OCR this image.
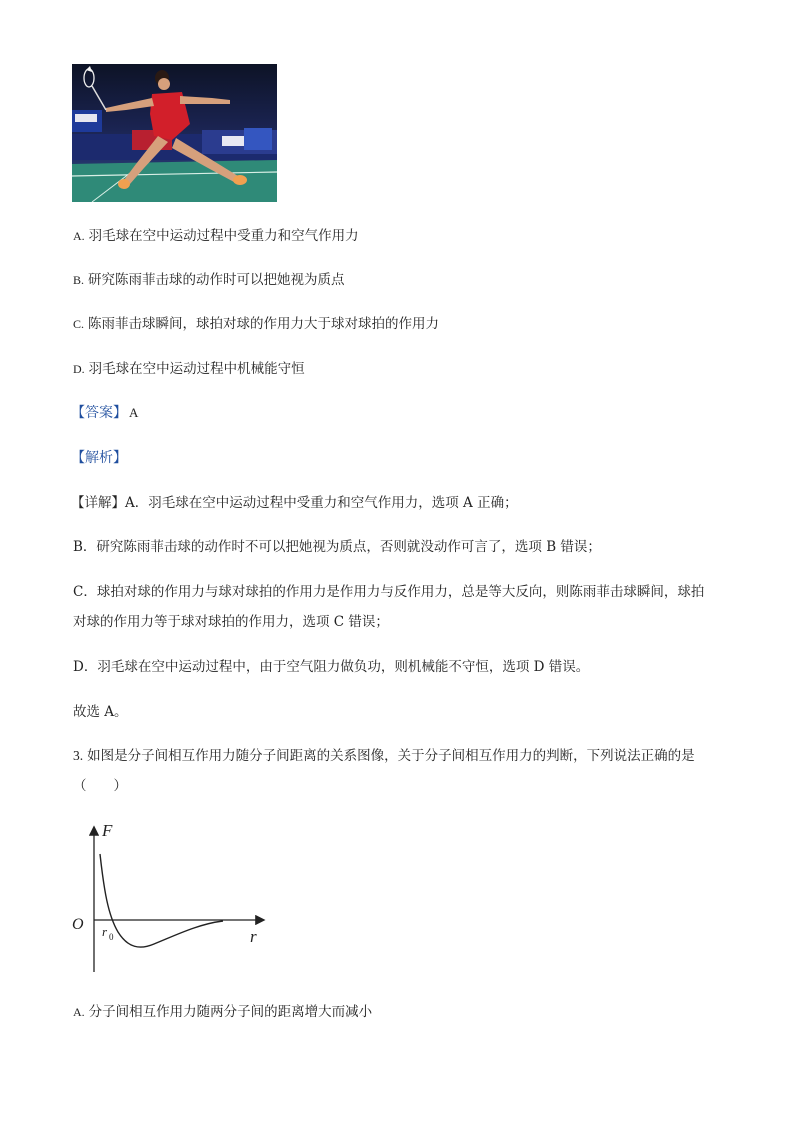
A. 羽毛球在空中运动过程中受重力和空气作用力
B. 研究陈雨菲击球的动作时可以把她视为质点
C. 陈雨菲击球瞬间，球拍对球的作用力大于球对球拍的作用力
D. 羽毛球在空中运动过程中机械能守恒
【答案】 A
【解析】
【详解】A．羽毛球在空中运动过程中受重力和空气作用力，选项 A 正确；
B．研究陈雨菲击球的动作时不可以把她视为质点，否则就没动作可言了，选项 B 错误；
C．球拍对球的作用力与球对球拍的作用力是作用力与反作用力，总是等大反向，则陈雨菲击球瞬间，球拍
对球的作用力等于球对球拍的作用力，选项 C 错误；
D．羽毛球在空中运动过程中，由于空气阻力做负功，则机械能不守恒，选项 D 错误。
故选 A。
3. 如图是分子间相互作用力随分子间距离的关系图像，关于分子间相互作用力的判断，下列说法正确的是
（　　）
F
r
O r 0
A. 分子间相互作用力随两分子间的距离增大而减小
